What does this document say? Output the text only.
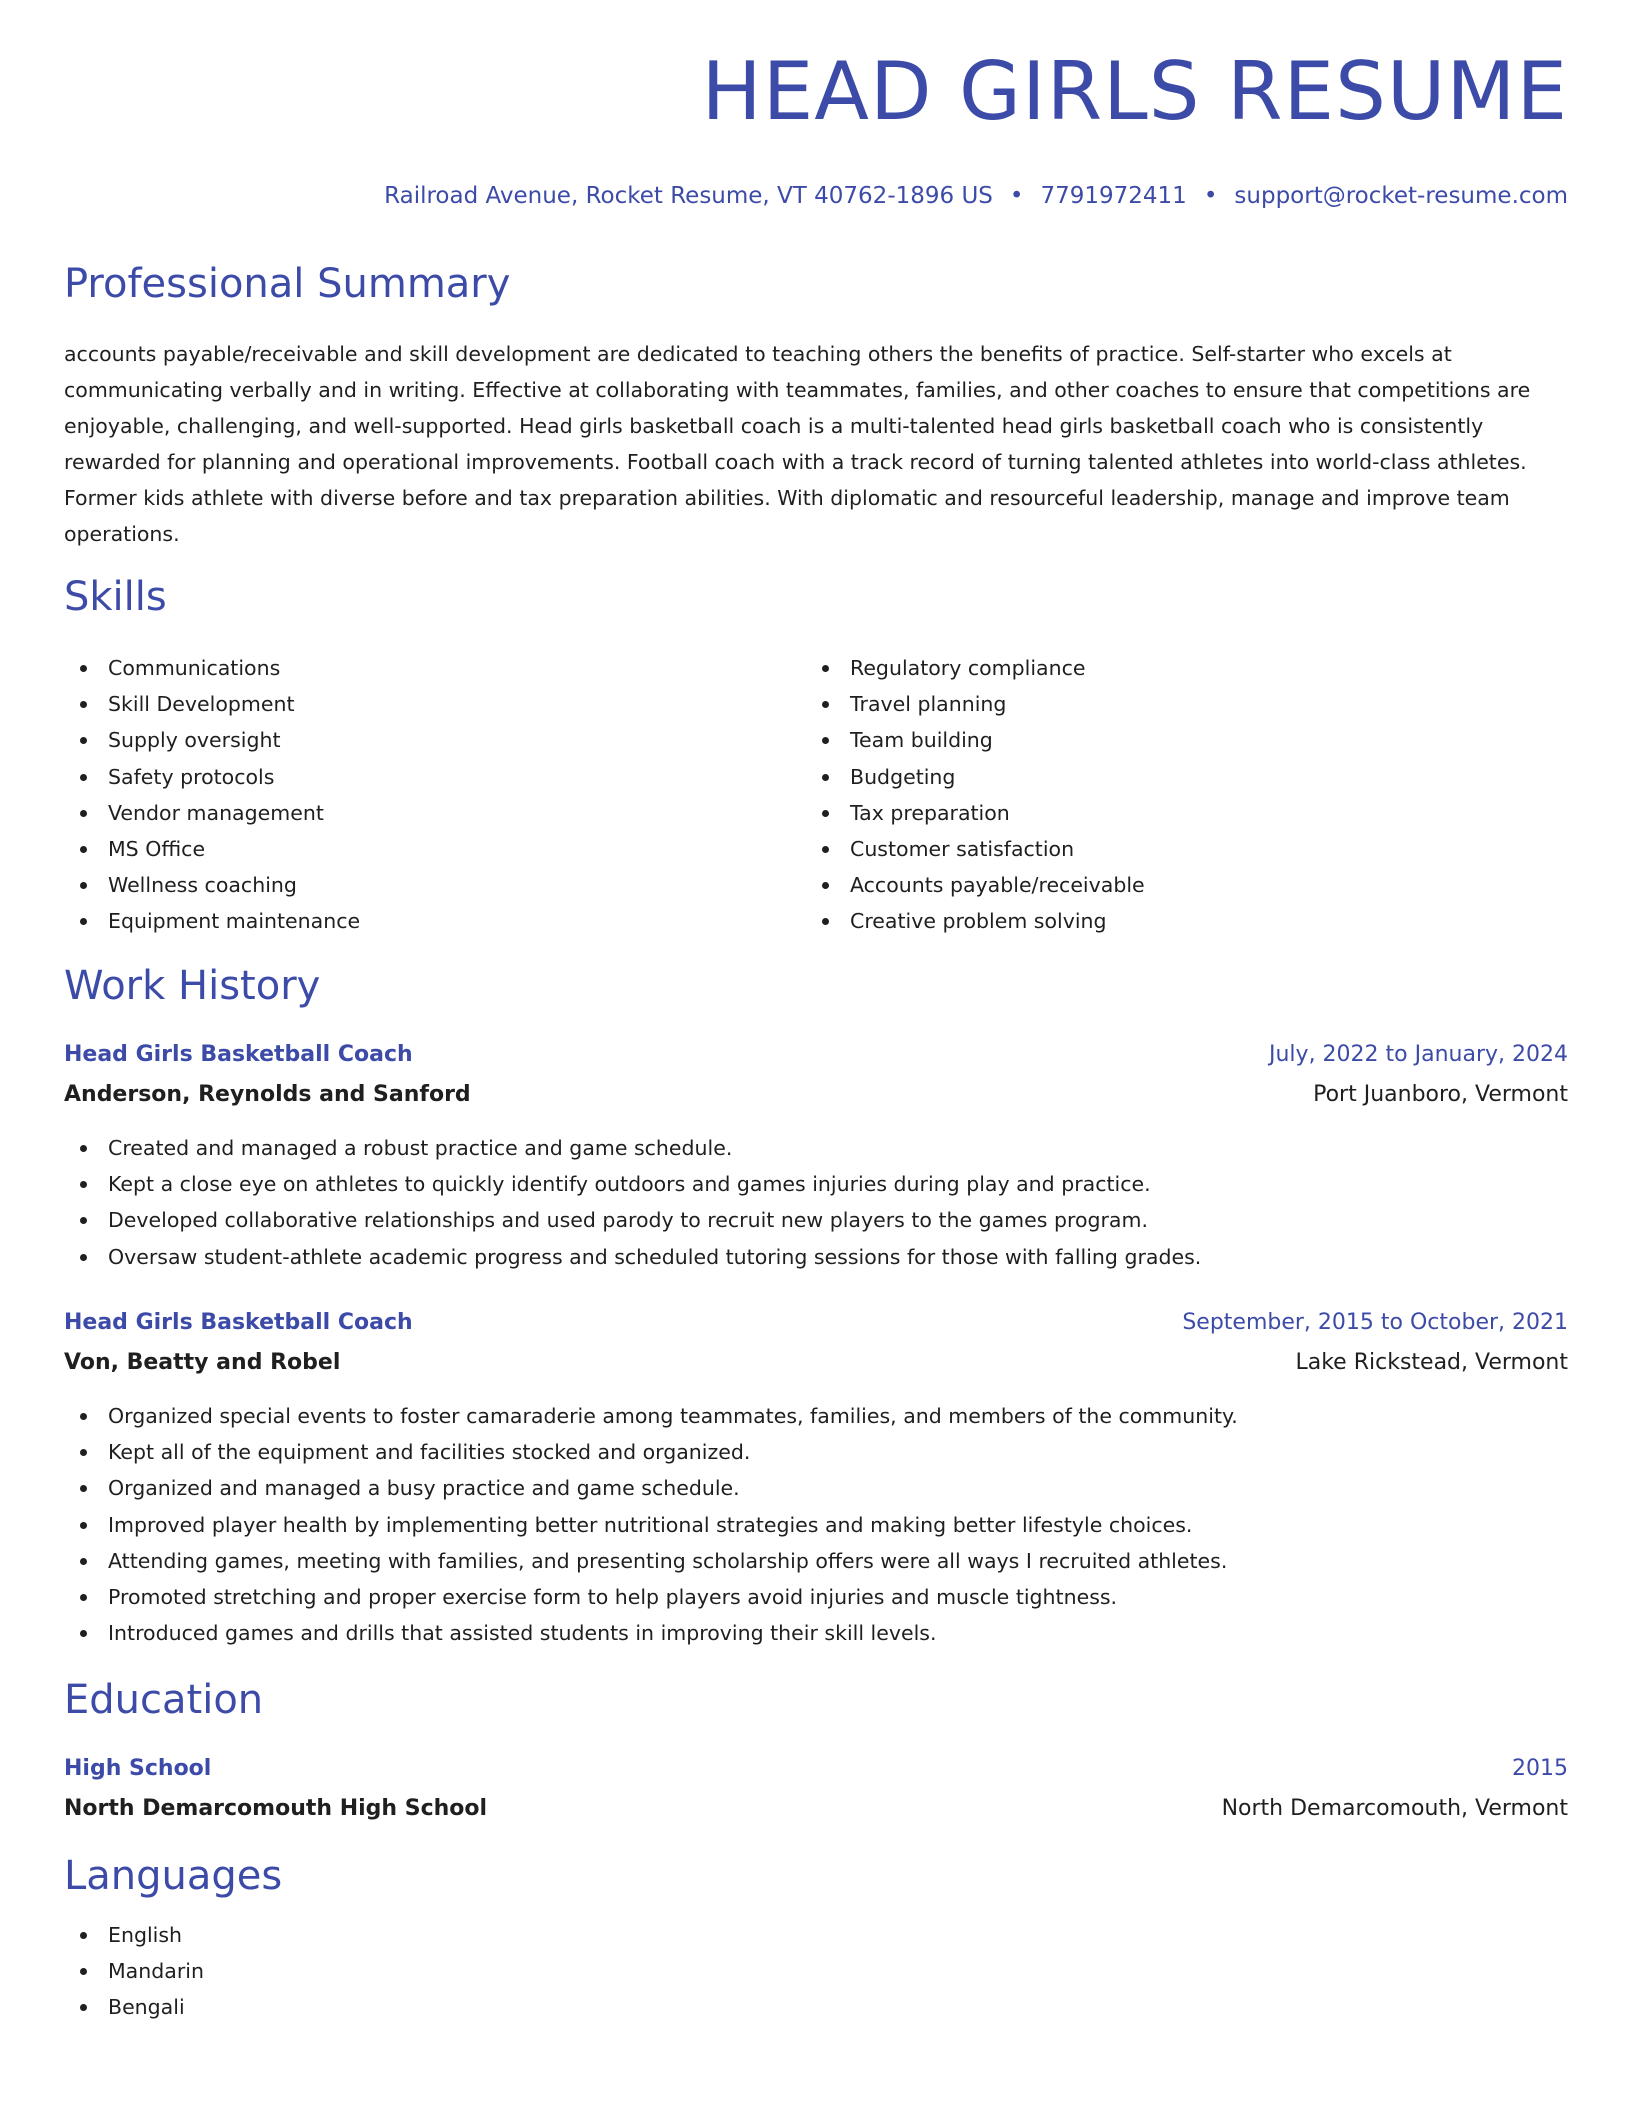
HEAD GIRLS RESUME
Railroad Avenue, Rocket Resume, VT 40762-1896 US • 7791972411 • support@rocket-resume.com
Professional Summary

accounts payable/receivable and skill development are dedicated to teaching others the benefits of practice. Self-starter who excels at communicating verbally and in writing. Effective at collaborating with teammates, families, and other coaches to ensure that competitions are enjoyable, challenging, and well-supported. Head girls basketball coach is a multi-talented head girls basketball coach who is consistently rewarded for planning and operational improvements. Football coach with a track record of turning talented athletes into world-class athletes. Former kids athlete with diverse before and tax preparation abilities. With diplomatic and resourceful leadership, manage and improve team operations.

Skills
Communications
Skill Development
Supply oversight
Safety protocols
Vendor management
MS Office
Wellness coaching
Equipment maintenance
Regulatory compliance
Travel planning
Team building
Budgeting
Tax preparation
Customer satisfaction
Accounts payable/receivable
Creative problem solving
Work History
Head Girls Basketball Coach	July, 2022 to January, 2024
Anderson, Reynolds and Sanford	Port Juanboro, Vermont
Created and managed a robust practice and game schedule.
Kept a close eye on athletes to quickly identify outdoors and games injuries during play and practice.
Developed collaborative relationships and used parody to recruit new players to the games program.
Oversaw student-athlete academic progress and scheduled tutoring sessions for those with falling grades.
Head Girls Basketball Coach	September, 2015 to October, 2021
Von, Beatty and Robel	Lake Rickstead, Vermont
Organized special events to foster camaraderie among teammates, families, and members of the community.
Kept all of the equipment and facilities stocked and organized.
Organized and managed a busy practice and game schedule.
Improved player health by implementing better nutritional strategies and making better lifestyle choices.
Attending games, meeting with families, and presenting scholarship offers were all ways I recruited athletes.
Promoted stretching and proper exercise form to help players avoid injuries and muscle tightness.
Introduced games and drills that assisted students in improving their skill levels.
Education
High School	2015
North Demarcomouth High School	North Demarcomouth, Vermont
Languages
English
Mandarin
Bengali
